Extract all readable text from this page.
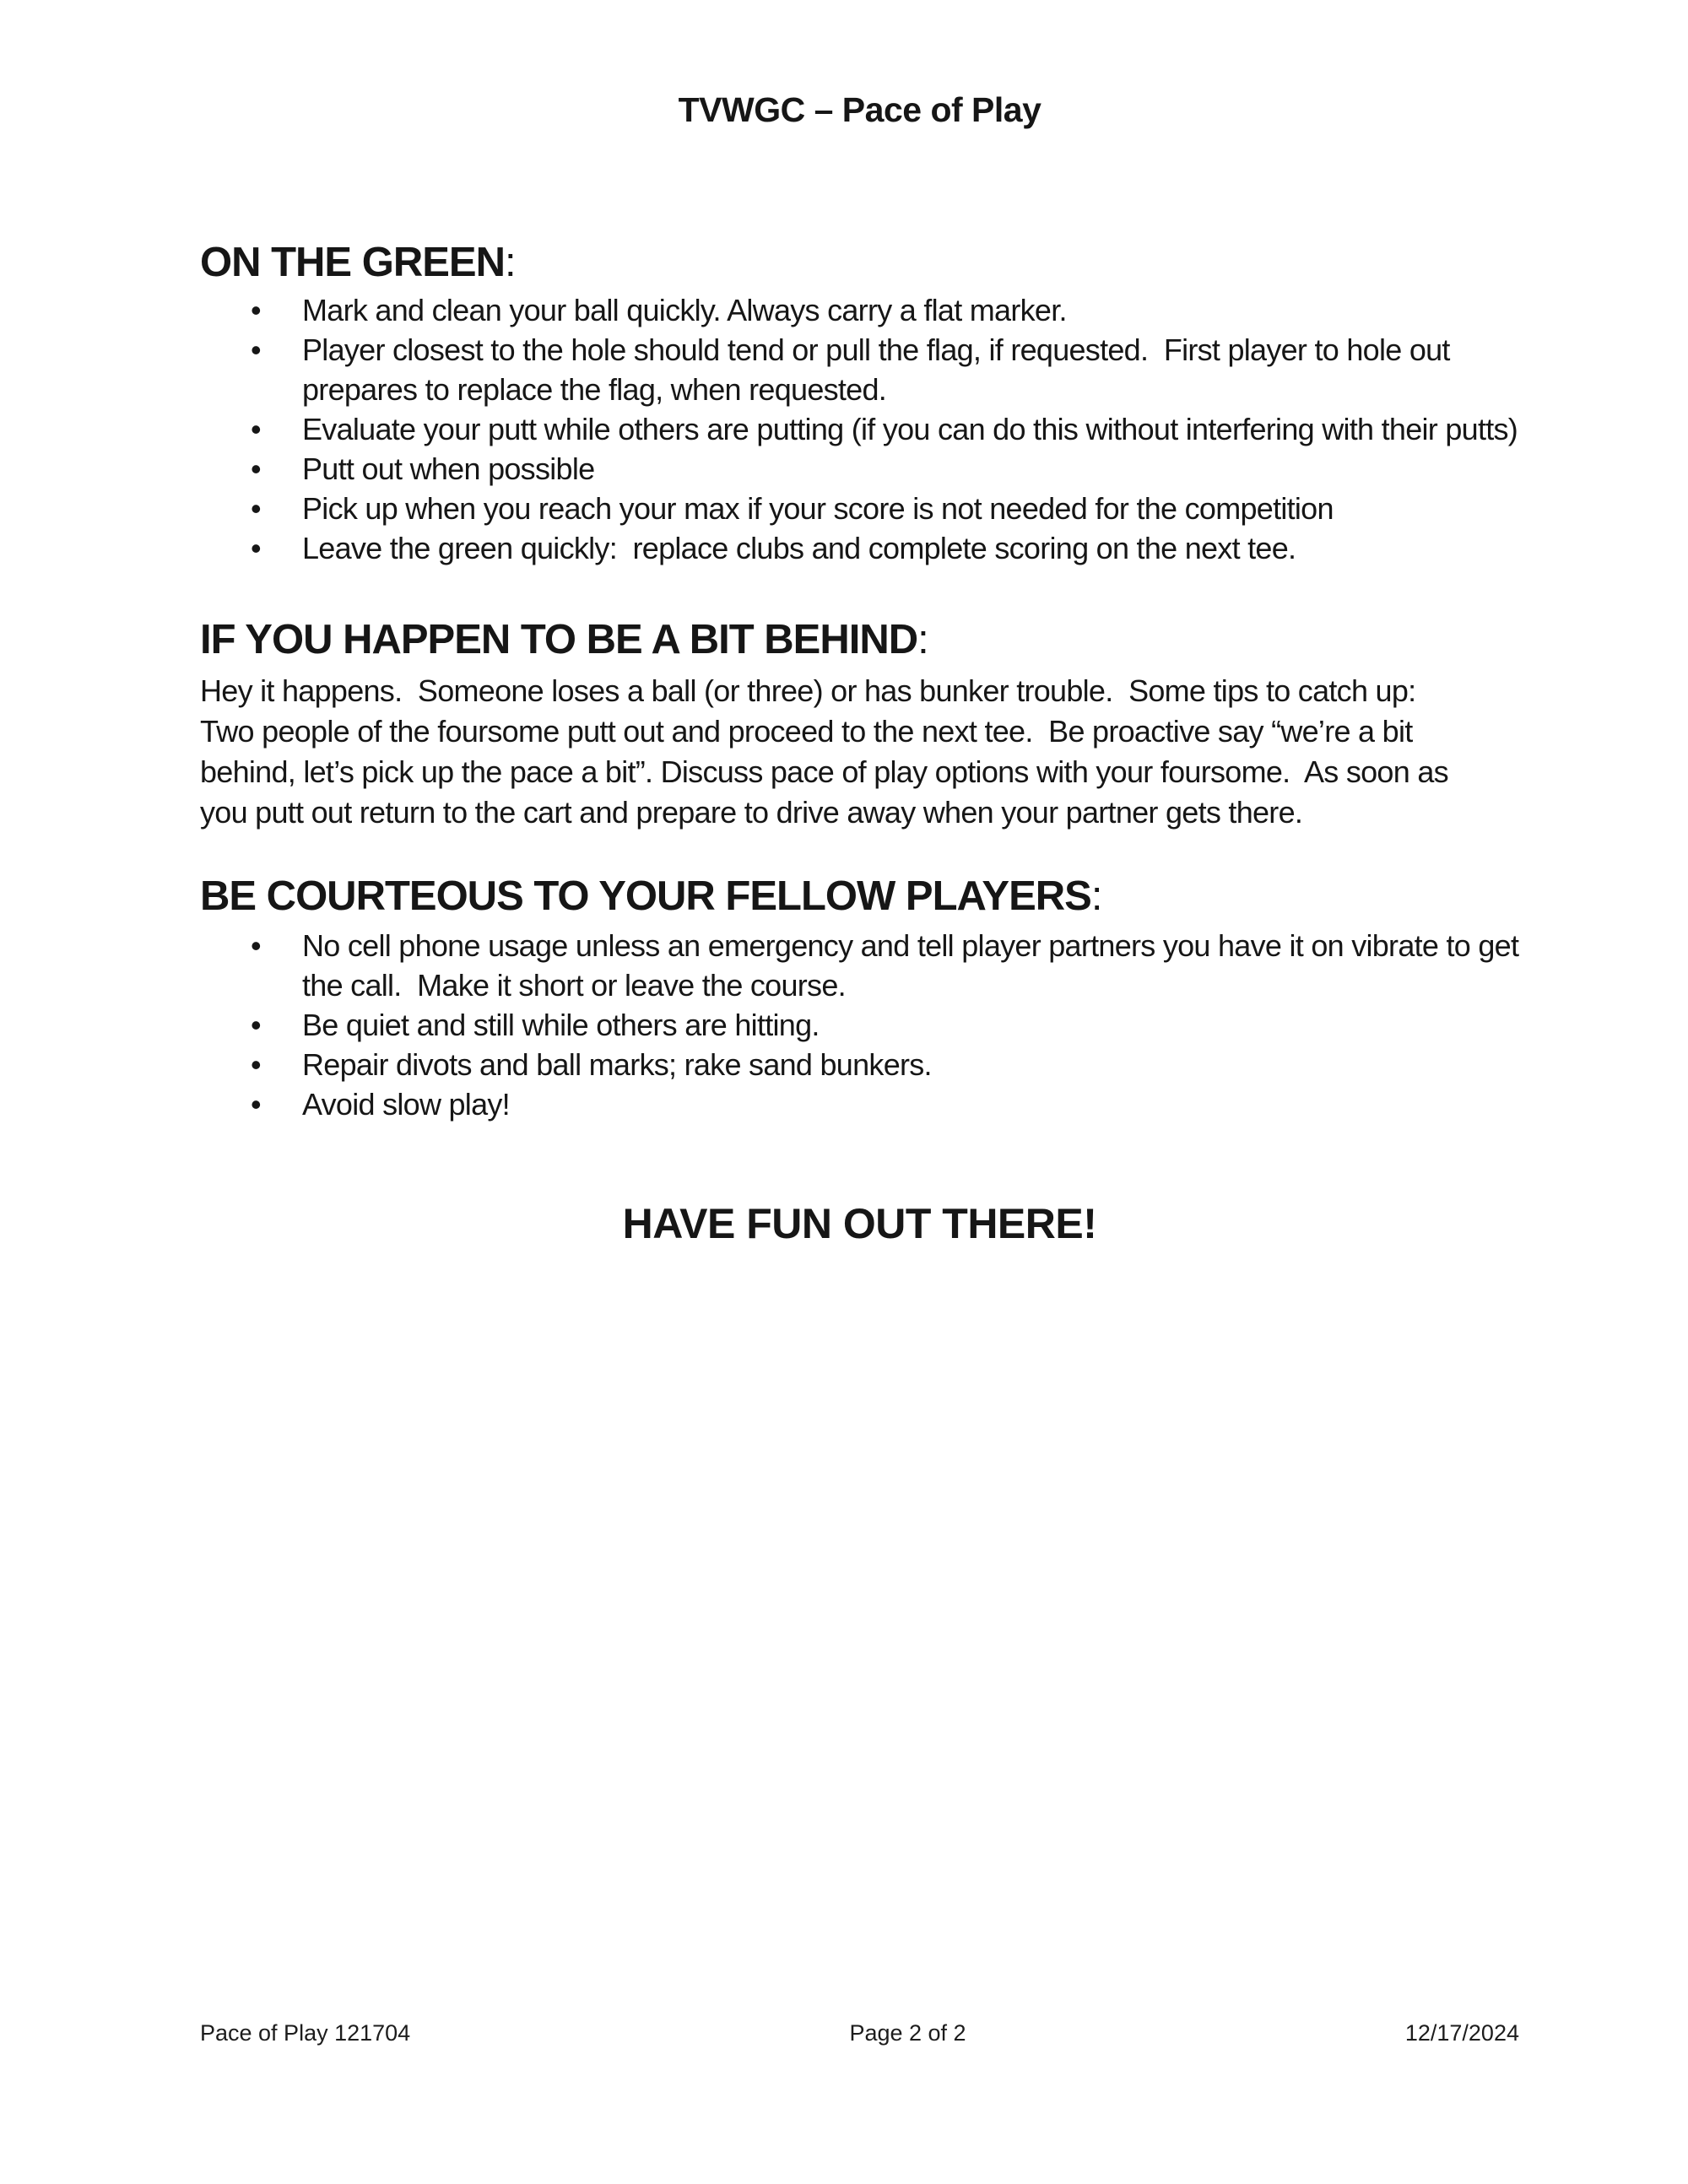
TVWGC – Pace of Play
ON THE GREEN:
• Mark and clean your ball quickly. Always carry a flat marker.
• Player closest to the hole should tend or pull the flag, if requested.  First player to hole out prepares to replace the flag, when requested.
• Evaluate your putt while others are putting (if you can do this without interfering with their putts)
• Putt out when possible
• Pick up when you reach your max if your score is not needed for the competition
• Leave the green quickly:  replace clubs and complete scoring on the next tee.
IF YOU HAPPEN TO BE A BIT BEHIND:

Hey it happens.  Someone loses a ball (or three) or has bunker trouble.  Some tips to catch up:  Two people of the foursome putt out and proceed to the next tee.  Be proactive say “we’re a bit behind, let’s pick up the pace a bit”. Discuss pace of play options with your foursome.  As soon as you putt out return to the cart and prepare to drive away when your partner gets there.

BE COURTEOUS TO YOUR FELLOW PLAYERS:
• No cell phone usage unless an emergency and tell player partners you have it on vibrate to get the call.  Make it short or leave the course.
• Be quiet and still while others are hitting.
• Repair divots and ball marks; rake sand bunkers.
• Avoid slow play!

HAVE FUN OUT THERE!

Pace of Play 121704	Page 2 of 2	12/17/2024
